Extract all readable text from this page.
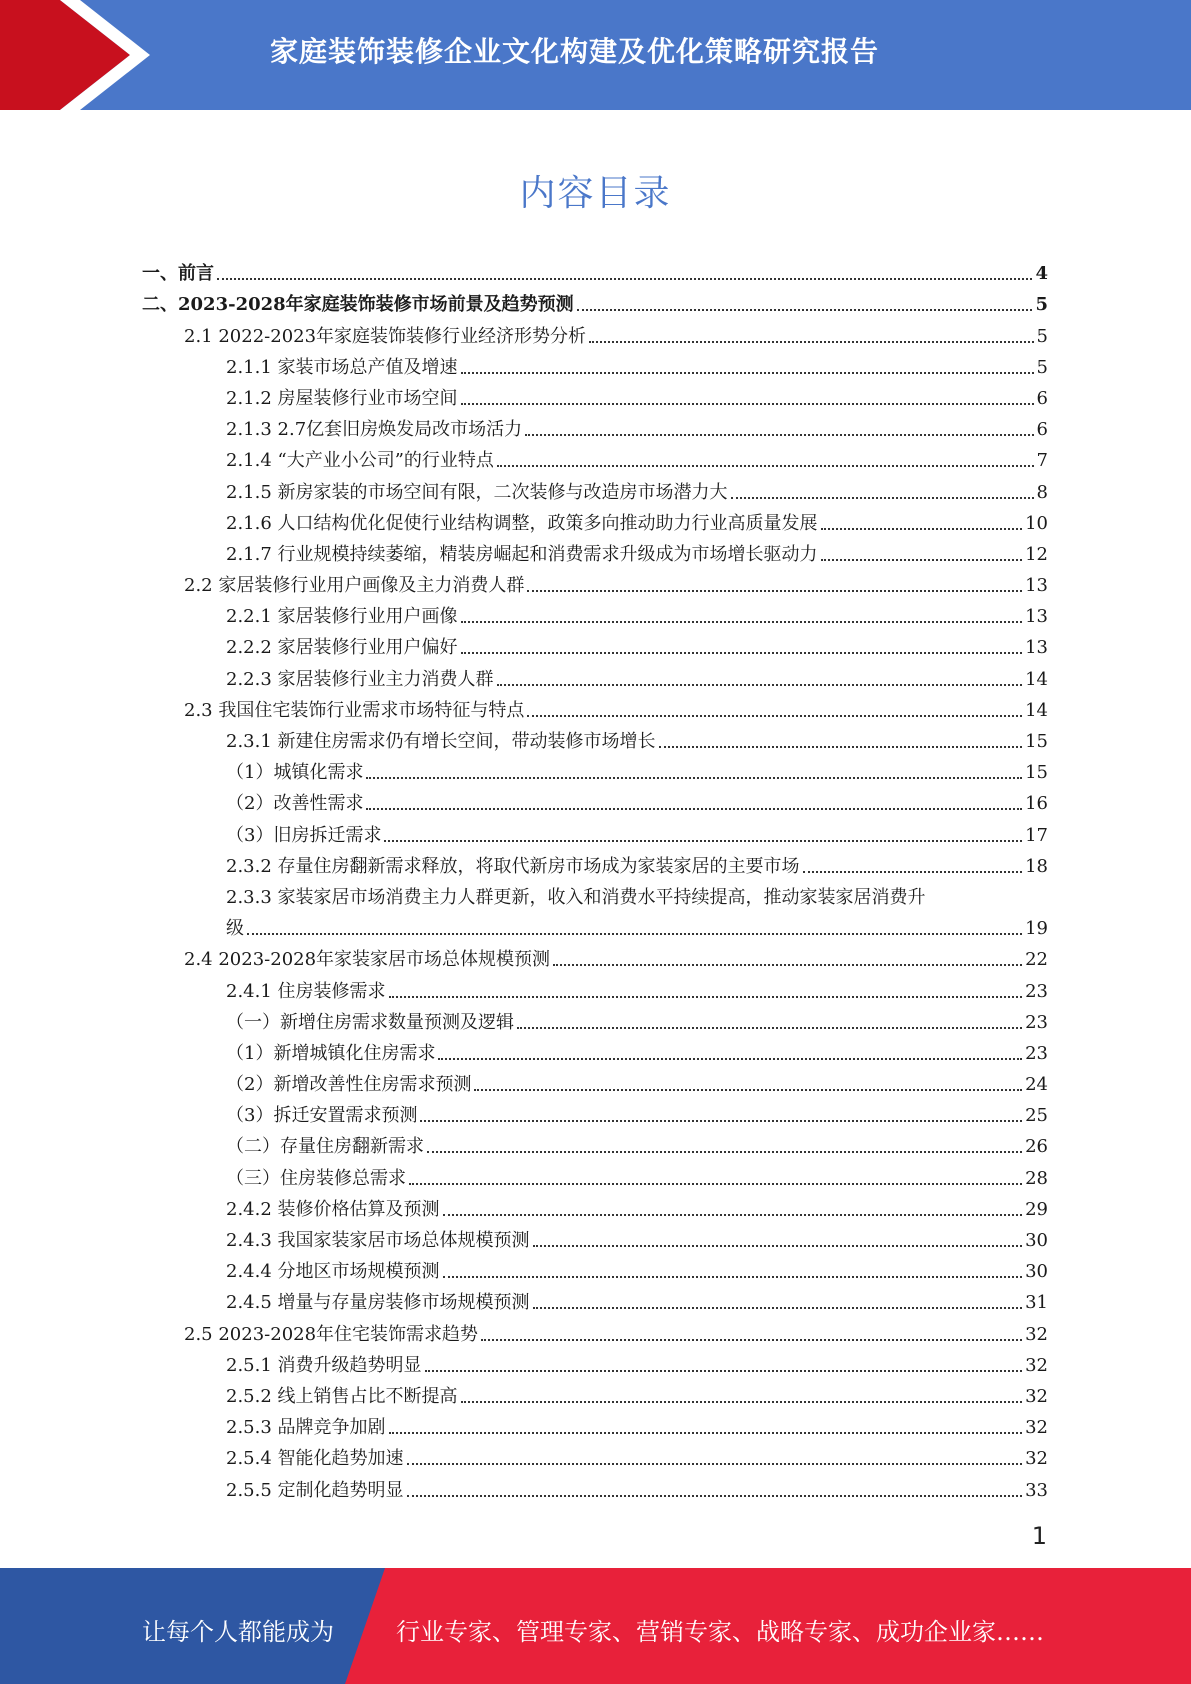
家庭装饰装修企业文化构建及优化策略研究报告
内容目录
一、前言	4
二、2023-2028年家庭装饰装修市场前景及趋势预测	5
2.1 2022-2023年家庭装饰装修行业经济形势分析	5
2.1.1 家装市场总产值及增速	5
2.1.2 房屋装修行业市场空间	6
2.1.3 2.7亿套旧房焕发局改市场活力	6
2.1.4 “大产业小公司”的行业特点	7
2.1.5 新房家装的市场空间有限，二次装修与改造房市场潜力大	8
2.1.6 人口结构优化促使行业结构调整，政策多向推动助力行业高质量发展	10
2.1.7 行业规模持续萎缩，精装房崛起和消费需求升级成为市场增长驱动力	12
2.2 家居装修行业用户画像及主力消费人群	13
2.2.1 家居装修行业用户画像	13
2.2.2 家居装修行业用户偏好	13
2.2.3 家居装修行业主力消费人群	14
2.3 我国住宅装饰行业需求市场特征与特点	14
2.3.1 新建住房需求仍有增长空间，带动装修市场增长	15
（1）城镇化需求	15
（2）改善性需求	16
（3）旧房拆迁需求	17
2.3.2 存量住房翻新需求释放，将取代新房市场成为家装家居的主要市场	18
2.3.3 家装家居市场消费主力人群更新，收入和消费水平持续提高，推动家装家居消费升
级	19
2.4 2023-2028年家装家居市场总体规模预测	22
2.4.1 住房装修需求	23
（一）新增住房需求数量预测及逻辑	23
（1）新增城镇化住房需求	23
（2）新增改善性住房需求预测	24
（3）拆迁安置需求预测	25
（二）存量住房翻新需求	26
（三）住房装修总需求	28
2.4.2 装修价格估算及预测	29
2.4.3 我国家装家居市场总体规模预测	30
2.4.4 分地区市场规模预测	30
2.4.5 增量与存量房装修市场规模预测	31
2.5 2023-2028年住宅装饰需求趋势	32
2.5.1 消费升级趋势明显	32
2.5.2 线上销售占比不断提高	32
2.5.3 品牌竞争加剧	32
2.5.4 智能化趋势加速	32
2.5.5 定制化趋势明显	33
1
让每个人都能成为	行业专家、管理专家、营销专家、战略专家、成功企业家……
